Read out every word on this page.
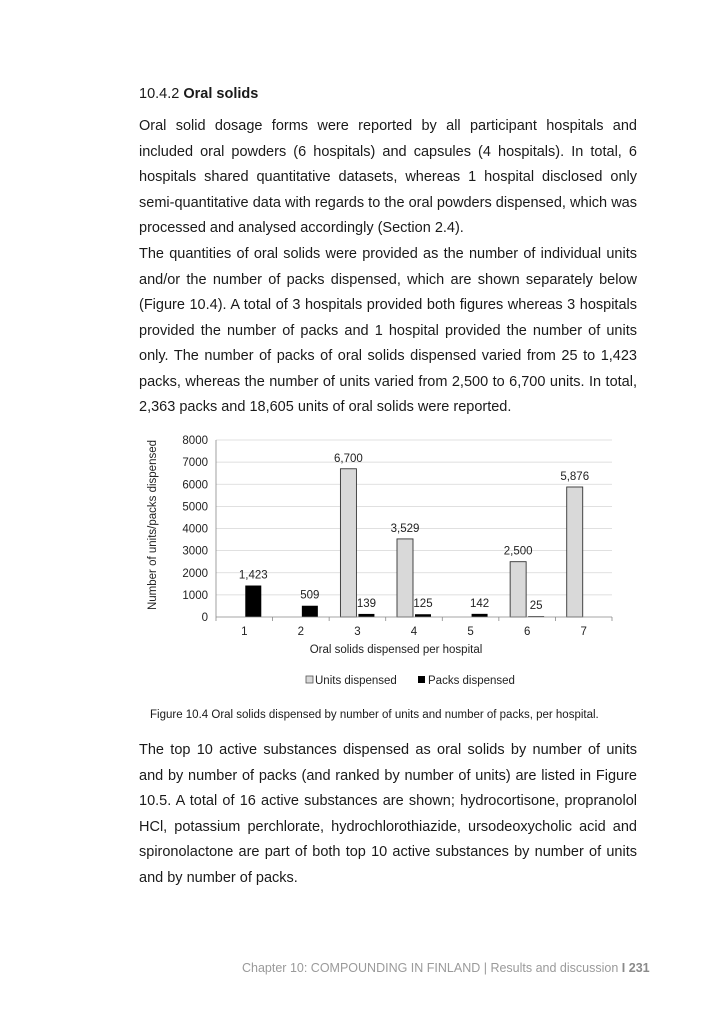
10.4.2 Oral solids

Oral solid dosage forms were reported by all participant hospitals and included oral powders (6 hospitals) and capsules (4 hospitals). In total, 6 hospitals shared quantitative datasets, whereas 1 hospital disclosed only semi-quantitative data with regards to the oral powders dispensed, which was processed and analysed accordingly (Section 2.4).

The quantities of oral solids were provided as the number of individual units and/or the number of packs dispensed, which are shown separately below (Figure 10.4). A total of 3 hospitals provided both figures whereas 3 hospitals provided the number of packs and 1 hospital provided the number of units only. The number of packs of oral solids dispensed varied from 25 to 1,423 packs, whereas the number of units varied from 2,500 to 6,700 units. In total, 2,363 packs and 18,605 units of oral solids were reported.

6,700
3,529
2,500
5,876
1,423
509
139	125	142	25
0
1000
2000
3000
4000
5000
6000
7000
8000
1	2	3	4	5	6	7
Number of units/packs dispensed
Oral solids dispensed per hospital
Units dispensed	Packs dispensed
Figure 10.4 Oral solids dispensed by number of units and number of packs, per hospital.

The top 10 active substances dispensed as oral solids by number of units and by number of packs (and ranked by number of units) are listed in Figure 10.5. A total of 16 active substances are shown; hydrocortisone, propranolol HCl, potassium perchlorate, hydrochlorothiazide, ursodeoxycholic acid and spironolactone are part of both top 10 active substances by number of units and by number of packs.

Chapter 10: COMPOUNDING IN FINLAND | Results and discussion I 231
